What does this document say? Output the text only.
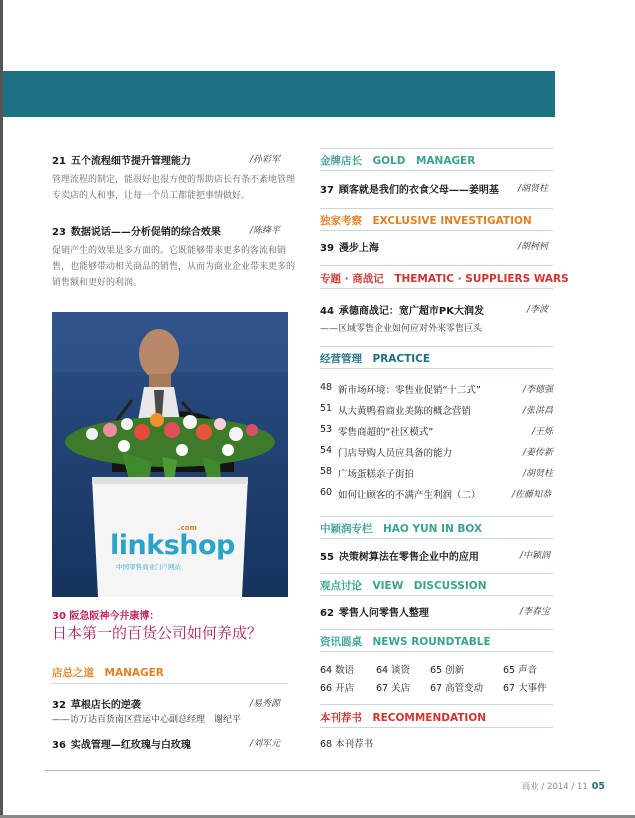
21 五个流程细节提升管理能力	/孙彩军
管理流程的制定，能很好也很方便的帮助店长有条不紊地管理
专卖店的人和事，让每一个员工都能把事情做好。
23 数据说话——分析促销的综合效果	/陈绛平
促销产生的效果是多方面的。它既能够带来更多的客流和销
售，也能够带动相关商品的销售，从而为商业企业带来更多的
销售额和更好的利润。
linkshop
.com
中国零售商业门户网站
30 阪急阪神今井康博：
日本第一的百货公司如何养成？
店总之道　 MANAGER
32 草根店长的逆袭	/易秀源
——访万达百货南区营运中心副总经理　谢纪平
36 实战管理—红玫瑰与白玫瑰	/刘军元
金牌店长　 GOLD　MANAGER
37 顾客就是我们的衣食父母——姜明基 /胡贤柱
独家考察　 EXCLUSIVE INVESTIGATION
39 漫步上海	/胡柯柯
专题 · 商战记　 THEMATIC · SUPPLIERS WARS
44 承德商战记：宽广超市PK大润发	/李波
——区域零售企业如何应对外来零售巨头
经营管理　 PRACTICE
48 新市场环境：零售业促销“十二式”	/李德强
51 从大黄鸭看商业美陈的概念营销	/张洪昌
53 零售商超的“社区模式”	/王烁
54 门店导购人员应具备的能力	/姜传新
58 广场蛋糕亲子街拍	/胡贤柱
60 如何让顾客的不满产生利润（二）	/佐藤知恭
中颖润专栏　 HAO YUN IN BOX
55 决策树算法在零售企业中的应用	/中颖润
观点讨论　 VIEW　DISCUSSION
62 零售人问零售人整理	/李春宝
资讯圆桌　 NEWS ROUNDTABLE
64 数语 64 谈资 65 创新	65 声音
66 开店 67 关店 67 高管变动 67 大事件
本刊荐书　 RECOMMENDATION
68 本刊荐书
商业 / 2014 / 11 05
